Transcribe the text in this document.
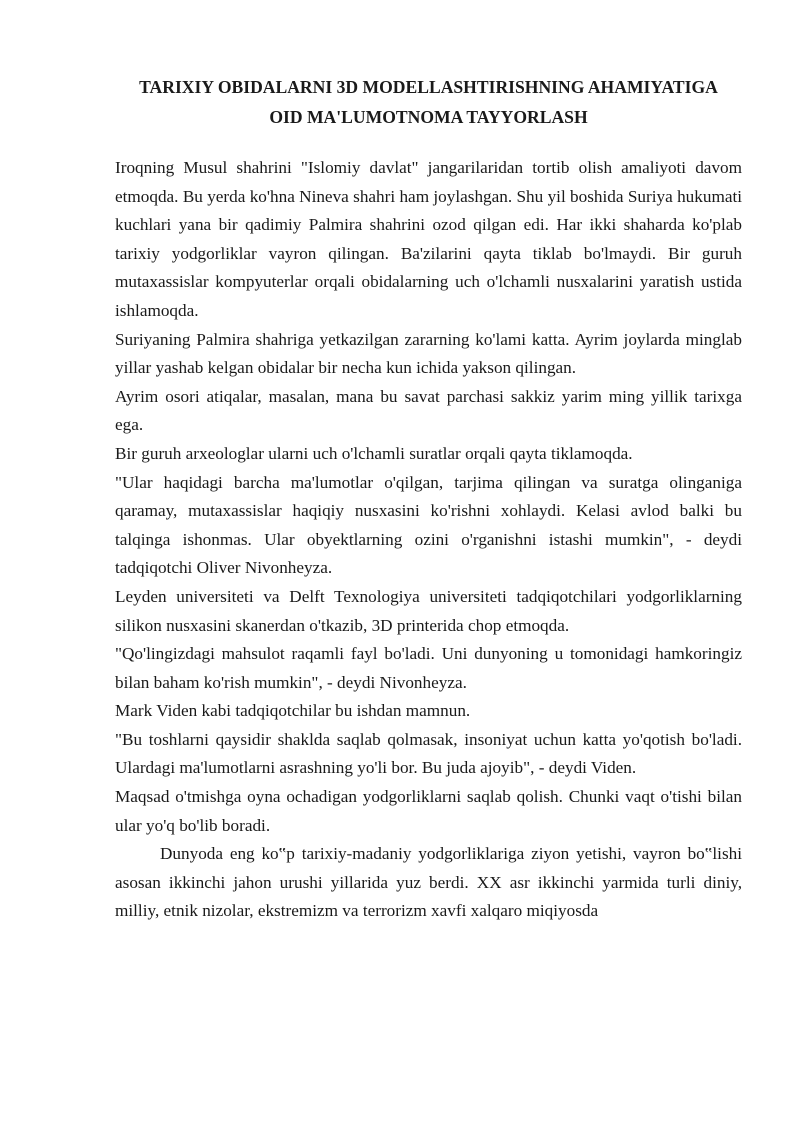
TARIXIY OBIDALARNI 3D MODELLASHTIRISHNING AHAMIYATIGA
OID MA'LUMOTNOMA TAYYORLASH

Iroqning Musul shahrini "Islomiy davlat" jangarilaridan tortib olish amaliyoti davom etmoqda. Bu yerda ko'hna Nineva shahri ham joylashgan. Shu yil boshida Suriya hukumati kuchlari yana bir qadimiy Palmira shahrini ozod qilgan edi. Har ikki shaharda ko'plab tarixiy yodgorliklar vayron qilingan. Ba'zilarini qayta tiklab bo'lmaydi. Bir guruh mutaxassislar kompyuterlar orqali obidalarning uch o'lchamli nusxalarini yaratish ustida ishlamoqda.

Suriyaning Palmira shahriga yetkazilgan zararning ko'lami katta. Ayrim joylarda minglab yillar yashab kelgan obidalar bir necha kun ichida yakson qilingan.

Ayrim osori atiqalar, masalan, mana bu savat parchasi sakkiz yarim ming yillik tarixga ega.

Bir guruh arxeologlar ularni uch o'lchamli suratlar orqali qayta tiklamoqda.

"Ular haqidagi barcha ma'lumotlar o'qilgan, tarjima qilingan va suratga olinganiga qaramay, mutaxassislar haqiqiy nusxasini ko'rishni xohlaydi. Kelasi avlod balki bu talqinga ishonmas. Ular obyektlarning ozini o'rganishni istashi mumkin", - deydi tadqiqotchi Oliver Nivonheyza.

Leyden universiteti va Delft Texnologiya universiteti tadqiqotchilari yodgorliklarning silikon nusxasini skanerdan o'tkazib, 3D printerida chop etmoqda.

"Qo'lingizdagi mahsulot raqamli fayl bo'ladi. Uni dunyoning u tomonidagi hamkoringiz bilan baham ko'rish mumkin", - deydi Nivonheyza.

Mark Viden kabi tadqiqotchilar bu ishdan mamnun.

"Bu toshlarni qaysidir shaklda saqlab qolmasak, insoniyat uchun katta yo'qotish bo'ladi. Ulardagi ma'lumotlarni asrashning yo'li bor. Bu juda ajoyib", - deydi Viden.

Maqsad o'tmishga oyna ochadigan yodgorliklarni saqlab qolish. Chunki vaqt o'tishi bilan ular yo'q bo'lib boradi.

Dunyoda eng ko‟p tarixiy-madaniy yodgorliklariga ziyon yetishi, vayron bo‟lishi asosan ikkinchi jahon urushi yillarida yuz berdi. XX asr ikkinchi yarmida turli diniy, milliy, etnik nizolar, ekstremizm va terrorizm xavfi xalqaro miqiyosda
